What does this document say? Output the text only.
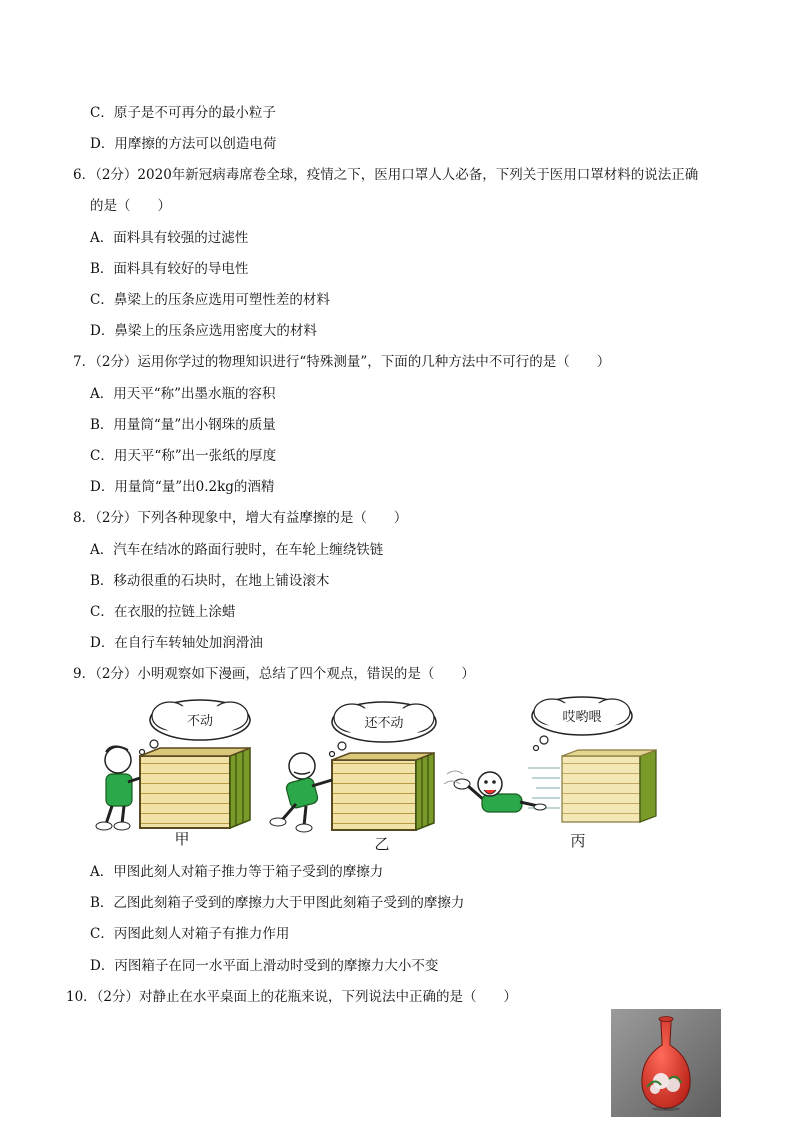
C．原子是不可再分的最小粒子
D．用摩擦的方法可以创造电荷
6．（2分）2020年新冠病毒席卷全球，疫情之下，医用口罩人人必备，下列关于医用口罩材料的说法正确
的是（　　）
A．面料具有较强的过滤性
B．面料具有较好的导电性
C．鼻梁上的压条应选用可塑性差的材料
D．鼻梁上的压条应选用密度大的材料
7．（2分）运用你学过的物理知识进行“特殊测量”，下面的几种方法中不可行的是（　　）
A．用天平“称”出墨水瓶的容积
B．用量筒“量”出小钢珠的质量
C．用天平“称”出一张纸的厚度
D．用量筒“量”出0.2kg的酒精
8．（2分）下列各种现象中，增大有益摩擦的是（　　）
A．汽车在结冰的路面行驶时，在车轮上缠绕铁链
B．移动很重的石块时，在地上铺设滚木
C．在衣服的拉链上涂蜡
D．在自行车转轴处加润滑油
9．（2分）小明观察如下漫画，总结了四个观点，错误的是（　　）
不动
甲
还不动
乙
哎哟喂
丙
A．甲图此刻人对箱子推力等于箱子受到的摩擦力
B．乙图此刻箱子受到的摩擦力大于甲图此刻箱子受到的摩擦力
C．丙图此刻人对箱子有推力作用
D．丙图箱子在同一水平面上滑动时受到的摩擦力大小不变
10．（2分）对静止在水平桌面上的花瓶来说，下列说法中正确的是（　　）
